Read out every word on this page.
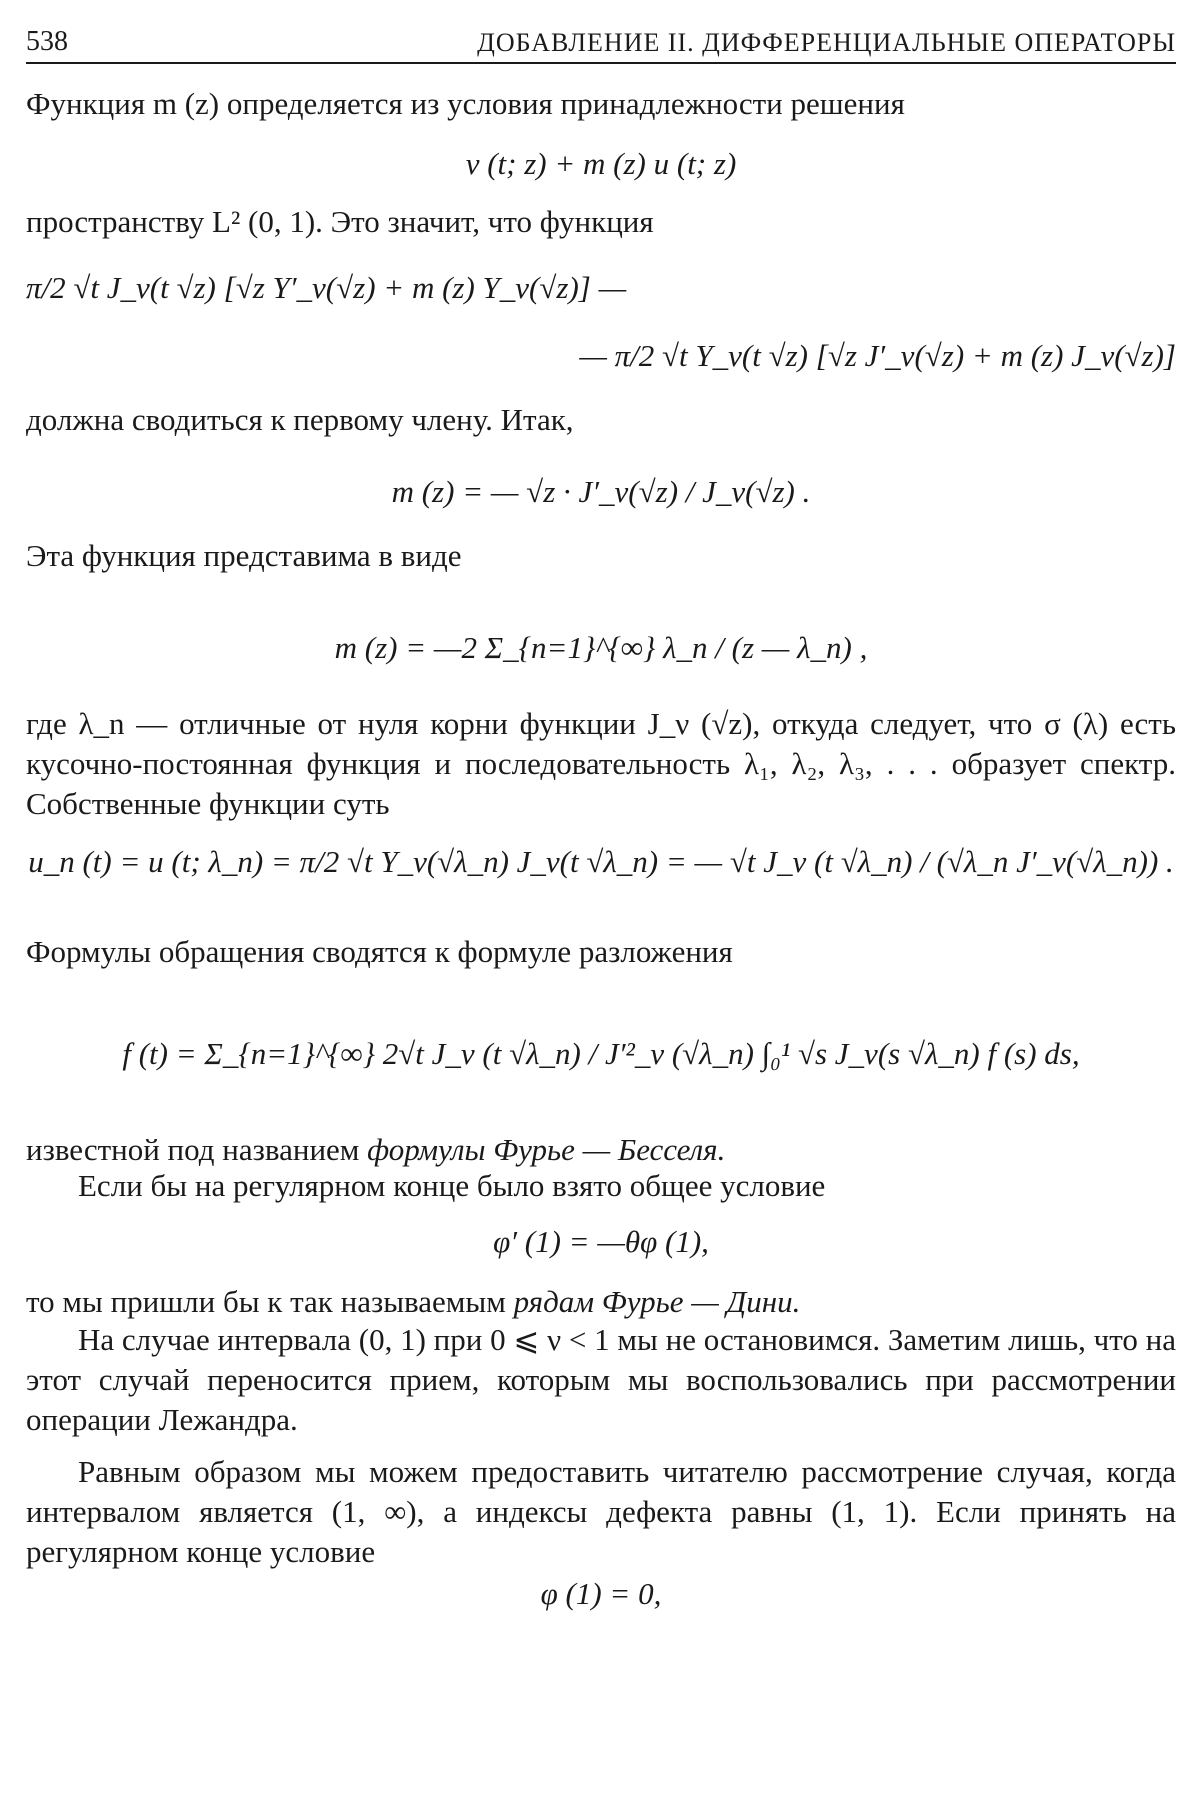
538	ДОБАВЛЕНИЕ II. ДИФФЕРЕНЦИАЛЬНЫЕ ОПЕРАТОРЫ

Функция m (z) определяется из условия принадлежности решения

v (t; z) + m (z) u (t; z)

пространству L² (0, 1). Это значит, что функция

π/2 √t J_ν(t √z) [√z Y′_ν(√z) + m (z) Y_ν(√z)] —
— π/2 √t Y_ν(t √z) [√z J′_ν(√z) + m (z) J_ν(√z)]

должна сводиться к первому члену. Итак,

m (z) = — √z · J′_ν(√z) / J_ν(√z) .

Эта функция представима в виде

m (z) = —2 Σ_{n=1}^{∞} λ_n / (z — λ_n) ,

где λ_n — отличные от нуля корни функции J_ν (√z), откуда следует, что σ (λ) есть кусочно-постоянная функция и последовательность λ₁, λ₂, λ₃, . . . образует спектр. Собственные функции суть

u_n (t) = u (t; λ_n) = π/2 √t Y_ν(√λ_n) J_ν(t √λ_n) = — √t J_ν (t √λ_n) / (√λ_n J′_ν(√λ_n)) .

Формулы обращения сводятся к формуле разложения

f (t) = Σ_{n=1}^{∞} 2√t J_ν (t √λ_n) / J′²_ν (√λ_n) ∫₀¹ √s J_ν(s √λ_n) f (s) ds,

известной под названием формулы Фурье — Бесселя.

Если бы на регулярном конце было взято общее условие

φ′ (1) = —θφ (1),

то мы пришли бы к так называемым рядам Фурье — Дини.

На случае интервала (0, 1) при 0 ⩽ ν < 1 мы не остановимся. Заметим лишь, что на этот случай переносится прием, которым мы воспользовались при рассмотрении операции Лежандра.

Равным образом мы можем предоставить читателю рассмотрение случая, когда интервалом является (1, ∞), а индексы дефекта равны (1, 1). Если принять на регулярном конце условие

φ (1) = 0,
